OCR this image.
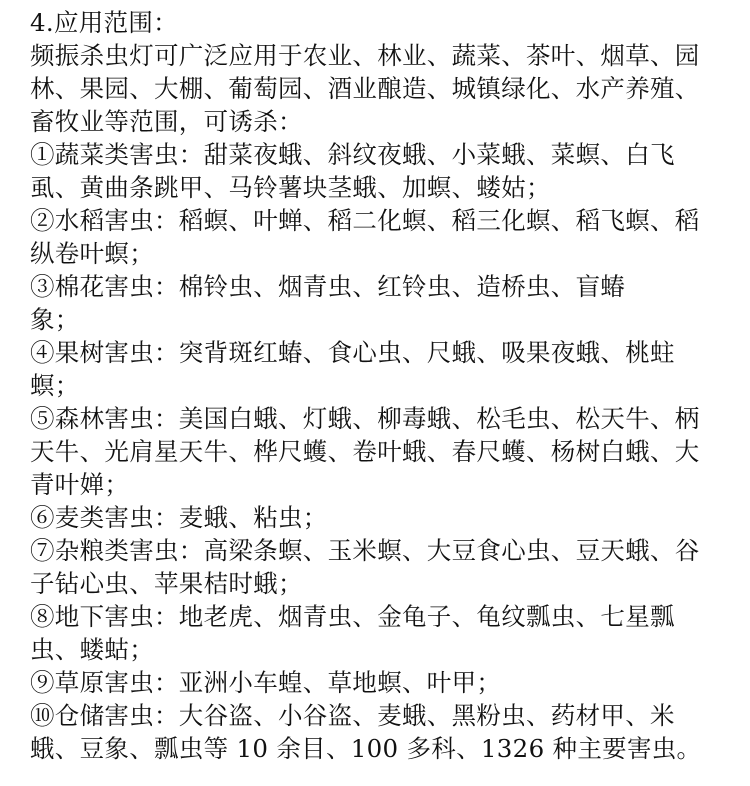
4.应用范围：
频振杀虫灯可广泛应用于农业、林业、蔬菜、茶叶、烟草、园
林、果园、大棚、葡萄园、酒业酿造、城镇绿化、水产养殖、
畜牧业等范围，可诱杀：
①蔬菜类害虫：甜菜夜蛾、斜纹夜蛾、小菜蛾、菜螟、白飞
虱、黄曲条跳甲、马铃薯块茎蛾、加螟、蝼姑；
②水稻害虫：稻螟、叶蝉、稻二化螟、稻三化螟、稻飞螟、稻
纵卷叶螟；
③棉花害虫：棉铃虫、烟青虫、红铃虫、造桥虫、盲蝽
象；
④果树害虫：突背斑红蝽、食心虫、尺蛾、吸果夜蛾、桃蛀
螟；
⑤森林害虫：美国白蛾、灯蛾、柳毒蛾、松毛虫、松天牛、柄
天牛、光肩星天牛、桦尺蠖、卷叶蛾、春尺蠖、杨树白蛾、大
青叶婵；
⑥麦类害虫：麦蛾、粘虫；
⑦杂粮类害虫：高梁条螟、玉米螟、大豆食心虫、豆天蛾、谷
子钻心虫、苹果桔时蛾；
⑧地下害虫：地老虎、烟青虫、金龟子、龟纹瓢虫、七星瓢
虫、蝼蛄；
⑨草原害虫：亚洲小车蝗、草地螟、叶甲；
⑩仓储害虫：大谷盗、小谷盗、麦蛾、黑粉虫、药材甲、米
蛾、豆象、瓢虫等 10 余目、100 多科、1326 种主要害虫。
